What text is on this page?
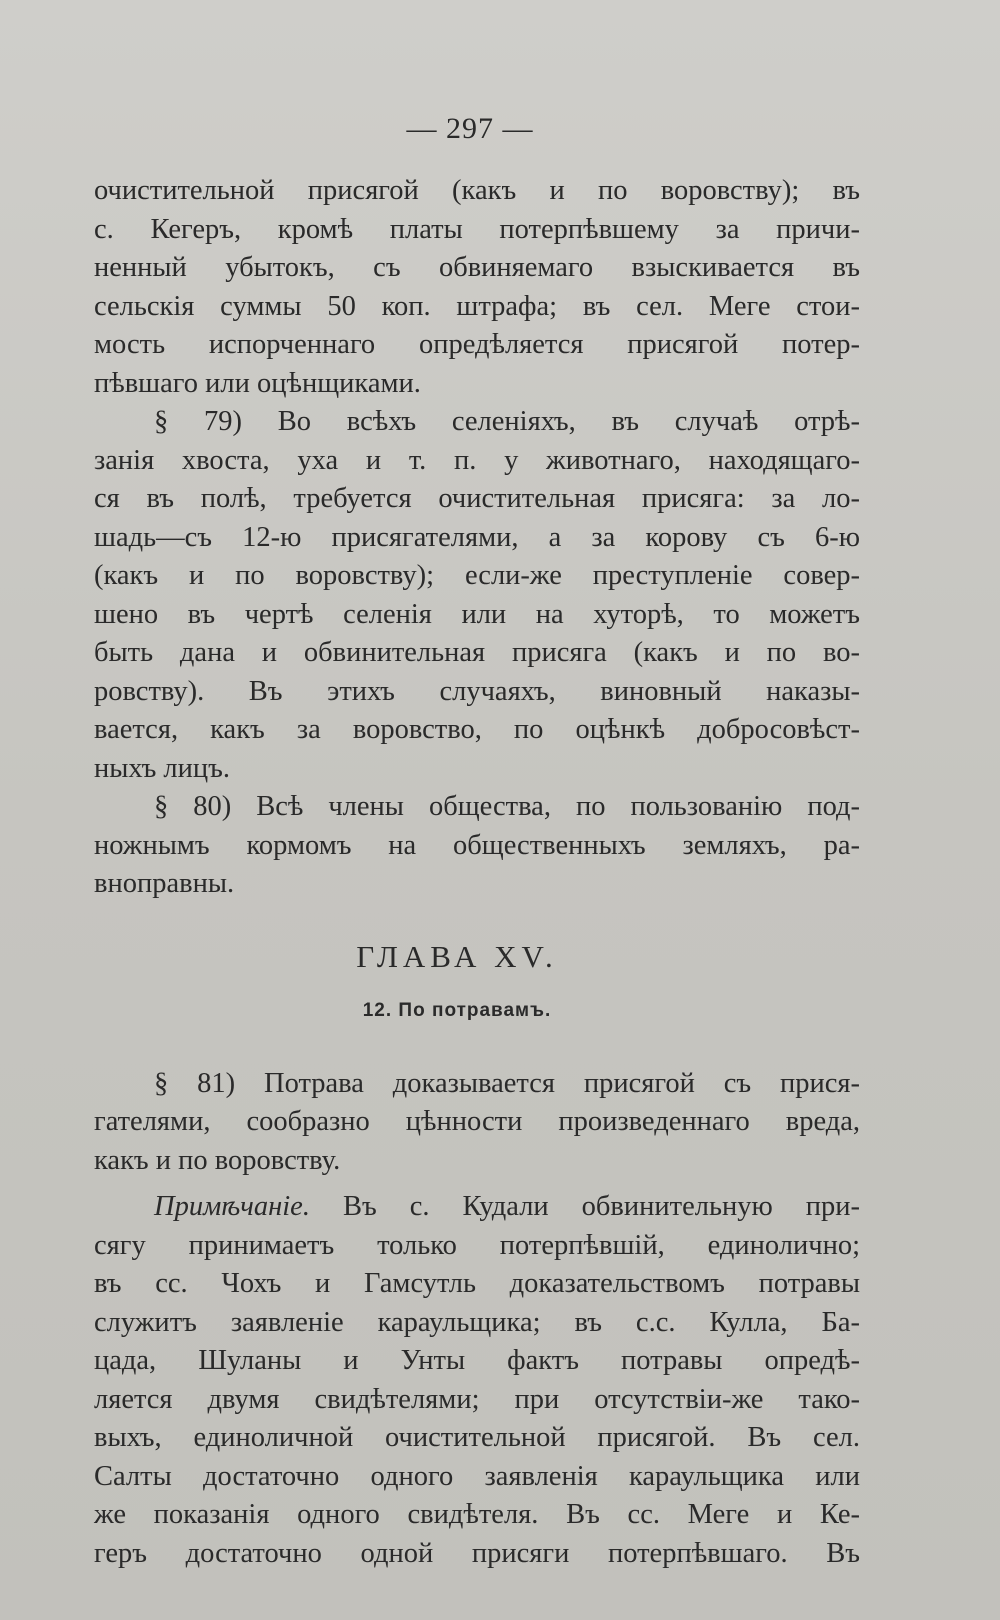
— 297 —
очистительной присягой (какъ и по воровству); въ
с. Кегеръ, кромѣ платы потерпѣвшему за причи-
ненный убытокъ, съ обвиняемаго взыскивается въ
сельскія суммы 50 коп. штрафа; въ сел. Меге стои-
мость испорченнаго опредѣляется присягой потер-
пѣвшаго или оцѣнщиками.
§ 79) Во всѣхъ селеніяхъ, въ случаѣ отрѣ-
занія хвоста, уха и т. п. у животнаго, находящаго-
ся въ полѣ, требуется очистительная присяга: за ло-
шадь—съ 12-ю присягателями, а за корову съ 6-ю
(какъ и по воровству); если-же преступленіе совер-
шено въ чертѣ селенія или на хуторѣ, то можетъ
быть дана и обвинительная присяга (какъ и по во-
ровству). Въ этихъ случаяхъ, виновный наказы-
вается, какъ за воровство, по оцѣнкѣ добросовѣст-
ныхъ лицъ.
§ 80) Всѣ члены общества, по пользованію под-
ножнымъ кормомъ на общественныхъ земляхъ, ра-
вноправны.
ГЛАВА XV.
12. По потравамъ.
§ 81) Потрава доказывается присягой съ прися-
гателями, сообразно цѣнности произведеннаго вреда,
какъ и по воровству.
Примѣчаніе. Въ с. Кудали обвинительную при-
сягу принимаетъ только потерпѣвшій, единолично;
въ сс. Чохъ и Гамсутль доказательствомъ потравы
служитъ заявленіе караульщика; въ с.с. Кулла, Ба-
цада, Шуланы и Унты фактъ потравы опредѣ-
ляется двумя свидѣтелями; при отсутствіи-же тако-
выхъ, единоличной очистительной присягой. Въ сел.
Салты достаточно одного заявленія караульщика или
же показанія одного свидѣтеля. Въ сс. Меге и Ке-
геръ достаточно одной присяги потерпѣвшаго. Въ
